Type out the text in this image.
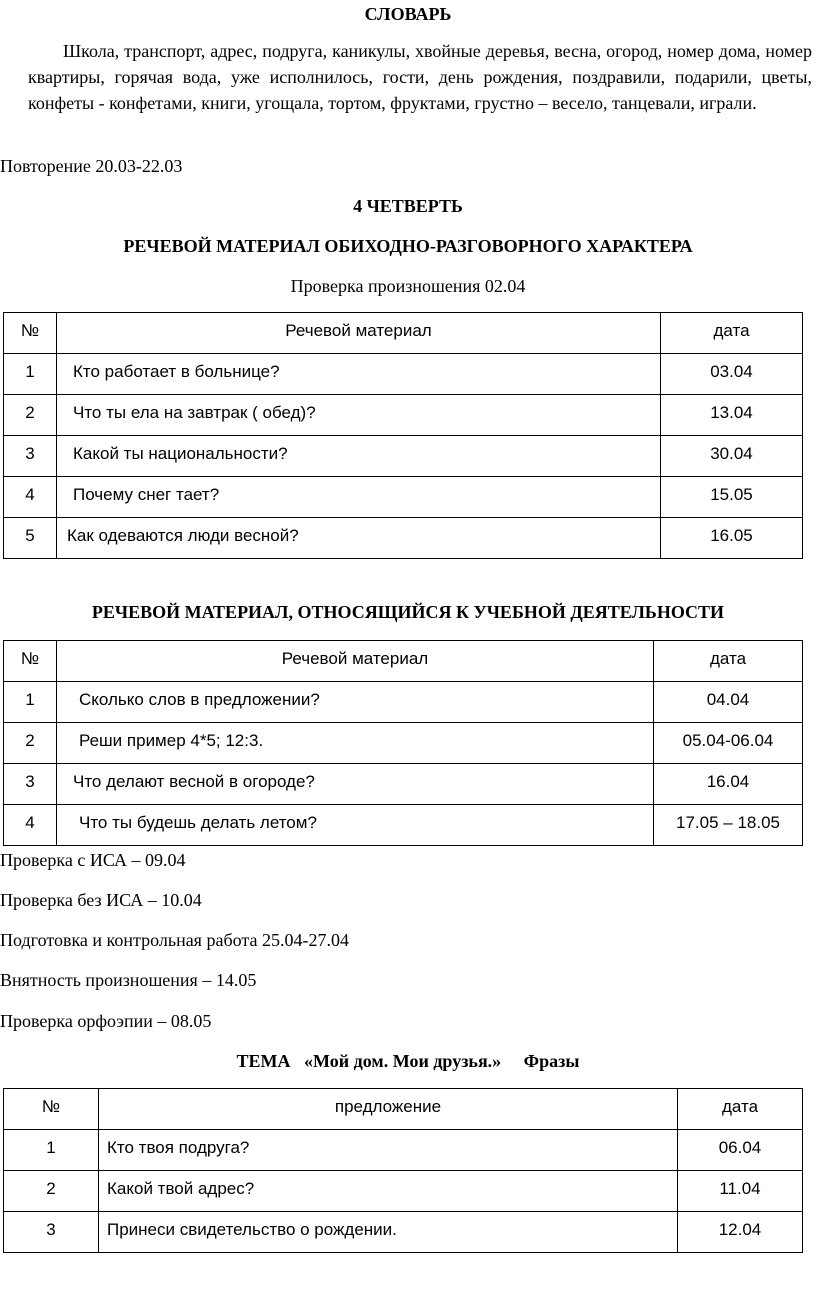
СЛОВАРЬ
Школа, транспорт, адрес, подруга, каникулы, хвойные деревья, весна, огород, номер дома, номер квартиры, горячая вода, уже исполнилось, гости, день рождения, поздравили, подарили, цветы, конфеты - конфетами, книги, угощала, тортом, фруктами, грустно – весело, танцевали, играли.
Повторение 20.03-22.03
4 ЧЕТВЕРТЬ
РЕЧЕВОЙ МАТЕРИАЛ ОБИХОДНО-РАЗГОВОРНОГО ХАРАКТЕРА
Проверка произношения 02.04
№	Речевой материал	дата
1	Кто работает в больнице?	03.04
2	Что ты ела на завтрак ( обед)?	13.04
3	Какой ты национальности?	30.04
4	Почему снег тает?	15.05
5	Как одеваются люди весной?	16.05
РЕЧЕВОЙ МАТЕРИАЛ, ОТНОСЯЩИЙСЯ К УЧЕБНОЙ ДЕЯТЕЛЬНОСТИ
№	Речевой материал	дата
1	Сколько слов в предложении?	04.04
2	Реши пример 4*5; 12:3.	05.04-06.04
3	Что делают весной в огороде?	16.04
4	Что ты будешь делать летом?	17.05 – 18.05
Проверка с ИСА – 09.04
Проверка без ИСА – 10.04
Подготовка и контрольная работа 25.04-27.04
Внятность произношения – 14.05
Проверка орфоэпии – 08.05
ТЕМА   «Мой дом. Мои друзья.»     Фразы
№	предложение	дата
1	Кто твоя подруга?	06.04
2	Какой твой адрес?	11.04
3	Принеси свидетельство о рождении.	12.04
